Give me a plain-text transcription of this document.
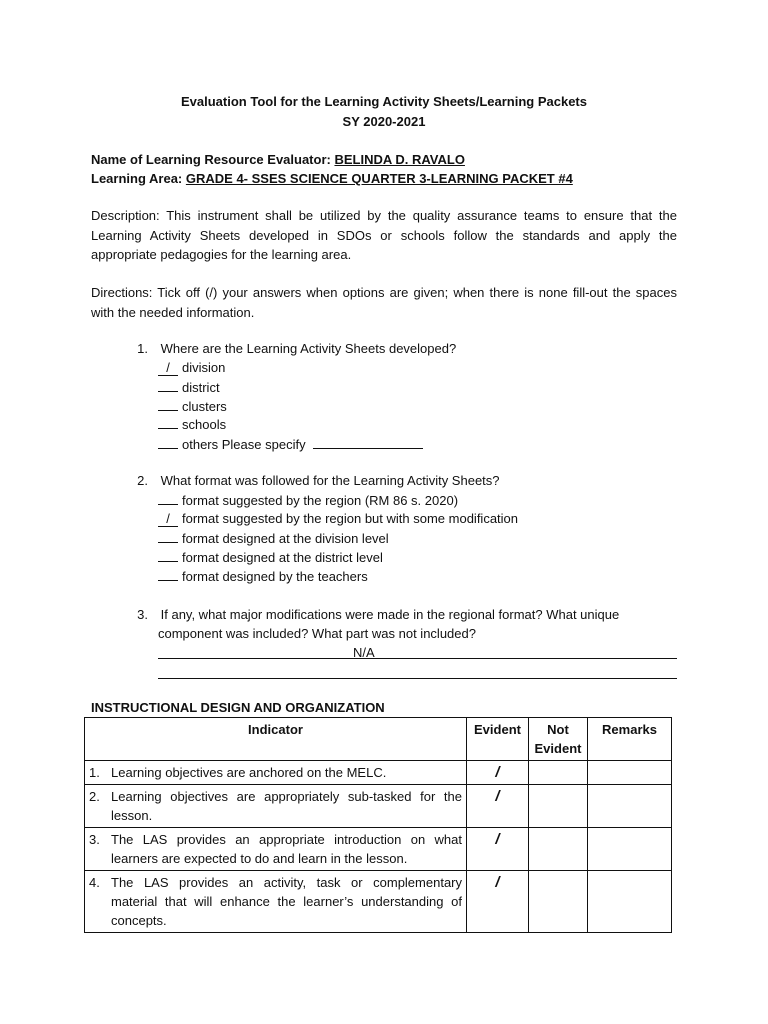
Evaluation Tool for the Learning Activity Sheets/Learning Packets
SY 2020-2021
Name of Learning Resource Evaluator: BELINDA D. RAVALO
Learning Area: GRADE 4- SSES SCIENCE QUARTER 3-LEARNING PACKET #4
Description: This instrument shall be utilized by the quality assurance teams to ensure that the Learning Activity Sheets developed in SDOs or schools follow the standards and apply the appropriate pedagogies for the learning area.
Directions: Tick off (/) your answers when options are given; when there is none fill-out the spaces with the needed information.
1. Where are the Learning Activity Sheets developed?
/ division
district
clusters
schools
others Please specify
2. What format was followed for the Learning Activity Sheets?
format suggested by the region (RM 86 s. 2020)
/ format suggested by the region but with some modification
format designed at the division level
format designed at the district level
format designed by the teachers
3. If any, what major modifications were made in the regional format? What unique
component was included? What part was not included?
N/A
INSTRUCTIONAL DESIGN AND ORGANIZATION
Indicator	Evident	Not Evident	Remarks

1. Learning objectives are anchored on the MELC.	/		

2. Learning objectives are appropriately sub-tasked for the lesson.	/		

3. The LAS provides an appropriate introduction on what learners are expected to do and learn in the lesson.	/		

4. The LAS provides an activity, task or complementary material that will enhance the learner’s understanding of concepts.	/		
